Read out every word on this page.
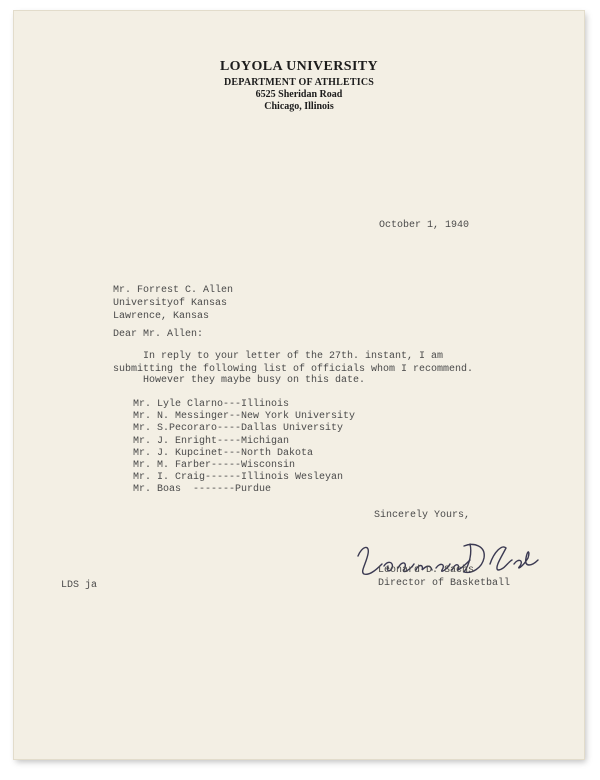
LOYOLA UNIVERSITY
DEPARTMENT OF ATHLETICS
6525 Sheridan Road
Chicago, Illinois
October 1, 1940
Mr. Forrest C. Allen
Universityof Kansas
Lawrence, Kansas
Dear Mr. Allen:
In reply to your letter of the 27th. instant, I am
submitting the following list of officials whom I recommend.
However they maybe busy on this date.
Mr. Lyle Clarno---Illinois
Mr. N. Messinger--New York University
Mr. S.Pecoraro----Dallas University
Mr. J. Enright----Michigan
Mr. J. Kupcinet---North Dakota
Mr. M. Farber-----Wisconsin
Mr. I. Craig------Illinois Wesleyan
Mr. Boas  -------Purdue
Sincerely Yours,
Leonard D. Sachs
Director of Basketball
LDS ja
